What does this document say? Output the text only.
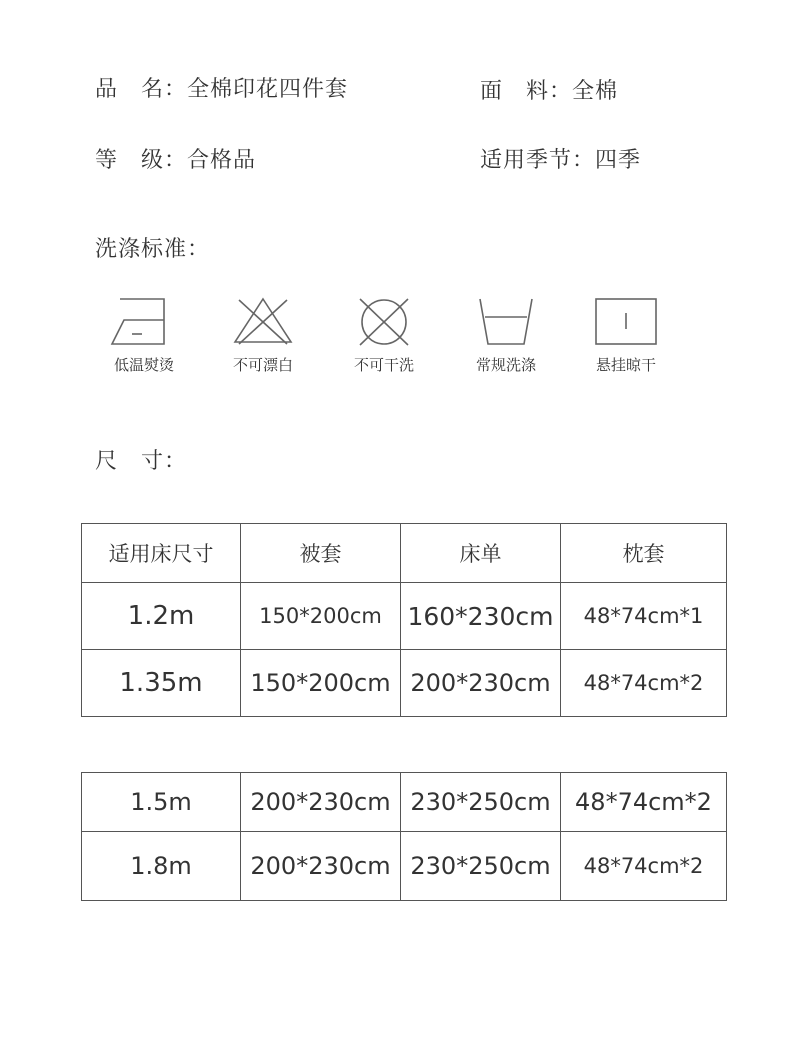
品　名：全棉印花四件套	面　料：全棉
等　级：合格品	适用季节：四季
洗涤标准：
低温熨烫	不可漂白	不可干洗	常规洗涤	悬挂晾干
尺　寸：
适用床尺寸	被套	床单	枕套
1.2m	150*200cm	160*230cm	48*74cm*1
1.35m	150*200cm	200*230cm	48*74cm*2
1.5m	200*230cm	230*250cm	48*74cm*2
1.8m	200*230cm	230*250cm	48*74cm*2
